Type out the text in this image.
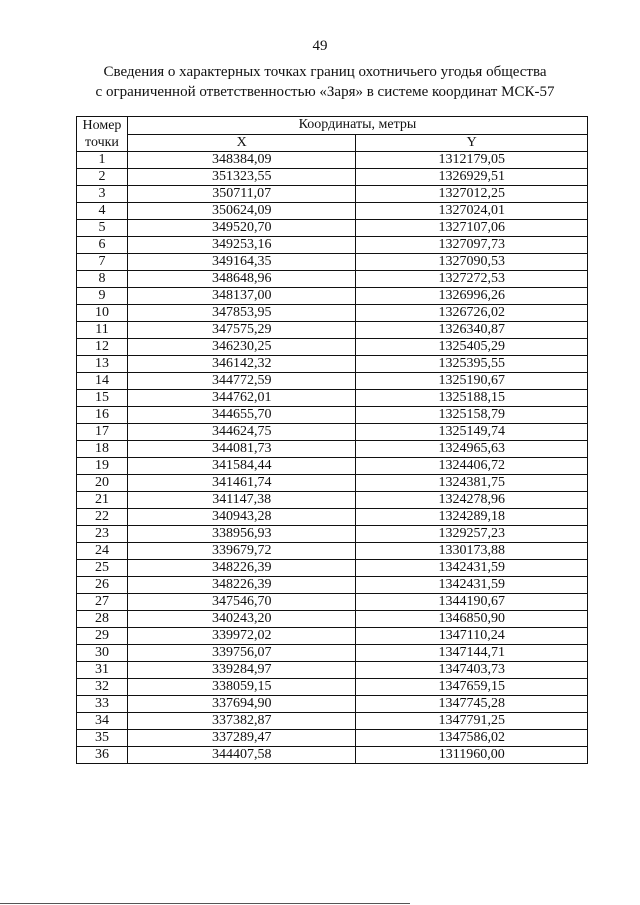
49
Сведения о характерных точках границ охотничьего угодья общества
с ограниченной ответственностью «Заря» в системе координат МСК-57
Номер
точки	Координаты, метры	
	X	Y
1	348384,09	1312179,05
2	351323,55	1326929,51
3	350711,07	1327012,25
4	350624,09	1327024,01
5	349520,70	1327107,06
6	349253,16	1327097,73
7	349164,35	1327090,53
8	348648,96	1327272,53
9	348137,00	1326996,26
10	347853,95	1326726,02
11	347575,29	1326340,87
12	346230,25	1325405,29
13	346142,32	1325395,55
14	344772,59	1325190,67
15	344762,01	1325188,15
16	344655,70	1325158,79
17	344624,75	1325149,74
18	344081,73	1324965,63
19	341584,44	1324406,72
20	341461,74	1324381,75
21	341147,38	1324278,96
22	340943,28	1324289,18
23	338956,93	1329257,23
24	339679,72	1330173,88
25	348226,39	1342431,59
26	348226,39	1342431,59
27	347546,70	1344190,67
28	340243,20	1346850,90
29	339972,02	1347110,24
30	339756,07	1347144,71
31	339284,97	1347403,73
32	338059,15	1347659,15
33	337694,90	1347745,28
34	337382,87	1347791,25
35	337289,47	1347586,02
36	344407,58	1311960,00
